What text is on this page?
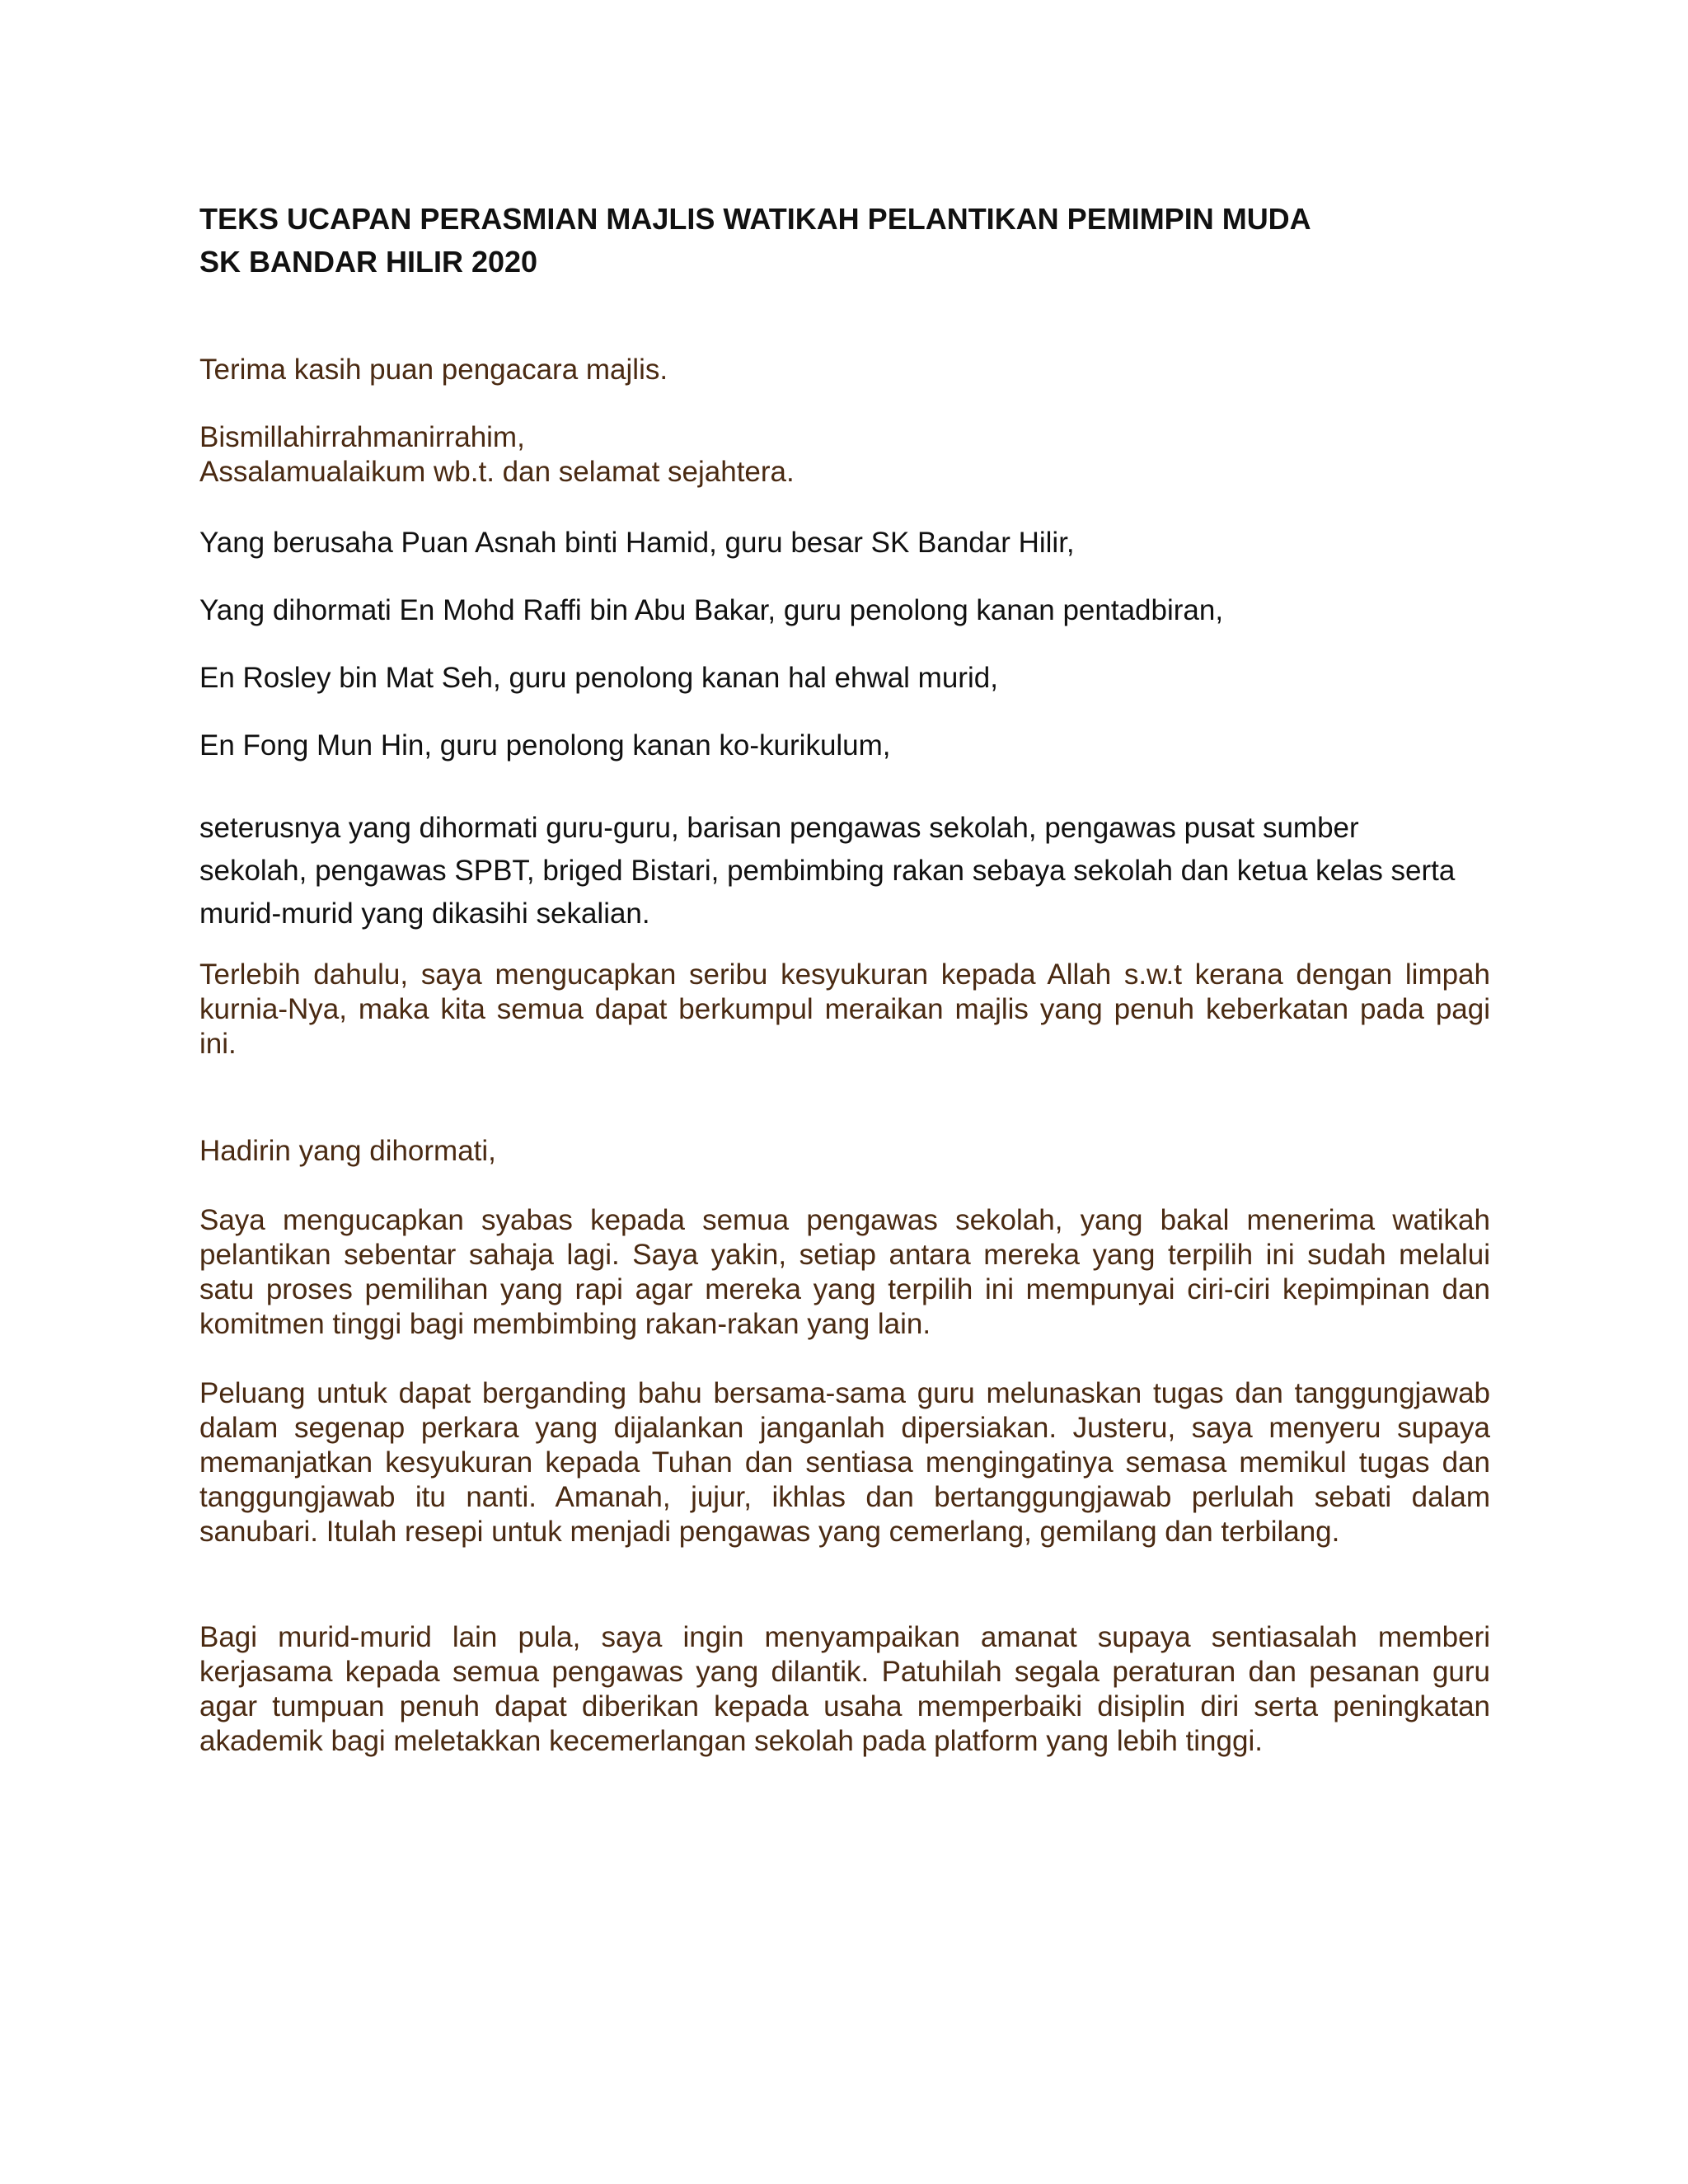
TEKS UCAPAN PERASMIAN MAJLIS WATIKAH PELANTIKAN PEMIMPIN MUDA
SK BANDAR HILIR 2020

Terima kasih puan pengacara majlis.

Bismillahirrahmanirrahim,

Assalamualaikum wb.t. dan selamat sejahtera.

Yang berusaha Puan Asnah binti Hamid, guru besar SK Bandar Hilir,

Yang dihormati En Mohd Raffi bin Abu Bakar, guru penolong kanan pentadbiran,

En Rosley bin Mat Seh, guru penolong kanan hal ehwal murid,

En Fong Mun Hin, guru penolong kanan ko-kurikulum,

seterusnya yang dihormati guru-guru, barisan pengawas sekolah, pengawas pusat sumber sekolah, pengawas SPBT, briged Bistari, pembimbing rakan sebaya sekolah dan ketua kelas serta murid-murid yang dikasihi sekalian.

Terlebih dahulu, saya mengucapkan seribu kesyukuran kepada Allah s.w.t kerana dengan limpah kurnia-Nya, maka kita semua dapat berkumpul meraikan majlis yang penuh keberkatan pada pagi ini.

Hadirin yang dihormati,

Saya mengucapkan syabas kepada semua pengawas sekolah, yang bakal menerima watikah pelantikan sebentar sahaja lagi. Saya yakin, setiap antara mereka yang terpilih ini sudah melalui satu proses pemilihan yang rapi agar mereka yang terpilih ini mempunyai ciri-ciri kepimpinan dan komitmen tinggi bagi membimbing rakan-rakan yang lain.

Peluang untuk dapat berganding bahu bersama-sama guru melunaskan tugas dan tanggungjawab dalam segenap perkara yang dijalankan janganlah dipersiakan. Justeru, saya menyeru supaya memanjatkan kesyukuran kepada Tuhan dan sentiasa mengingatinya semasa memikul tugas dan tanggungjawab itu nanti. Amanah, jujur, ikhlas dan bertanggungjawab perlulah sebati dalam sanubari. Itulah resepi untuk menjadi pengawas yang cemerlang, gemilang dan terbilang.

Bagi murid-murid lain pula, saya ingin menyampaikan amanat supaya sentiasalah memberi kerjasama kepada semua pengawas yang dilantik. Patuhilah segala peraturan dan pesanan guru agar tumpuan penuh dapat diberikan kepada usaha memperbaiki disiplin diri serta peningkatan akademik bagi meletakkan kecemerlangan sekolah pada platform yang lebih tinggi.
